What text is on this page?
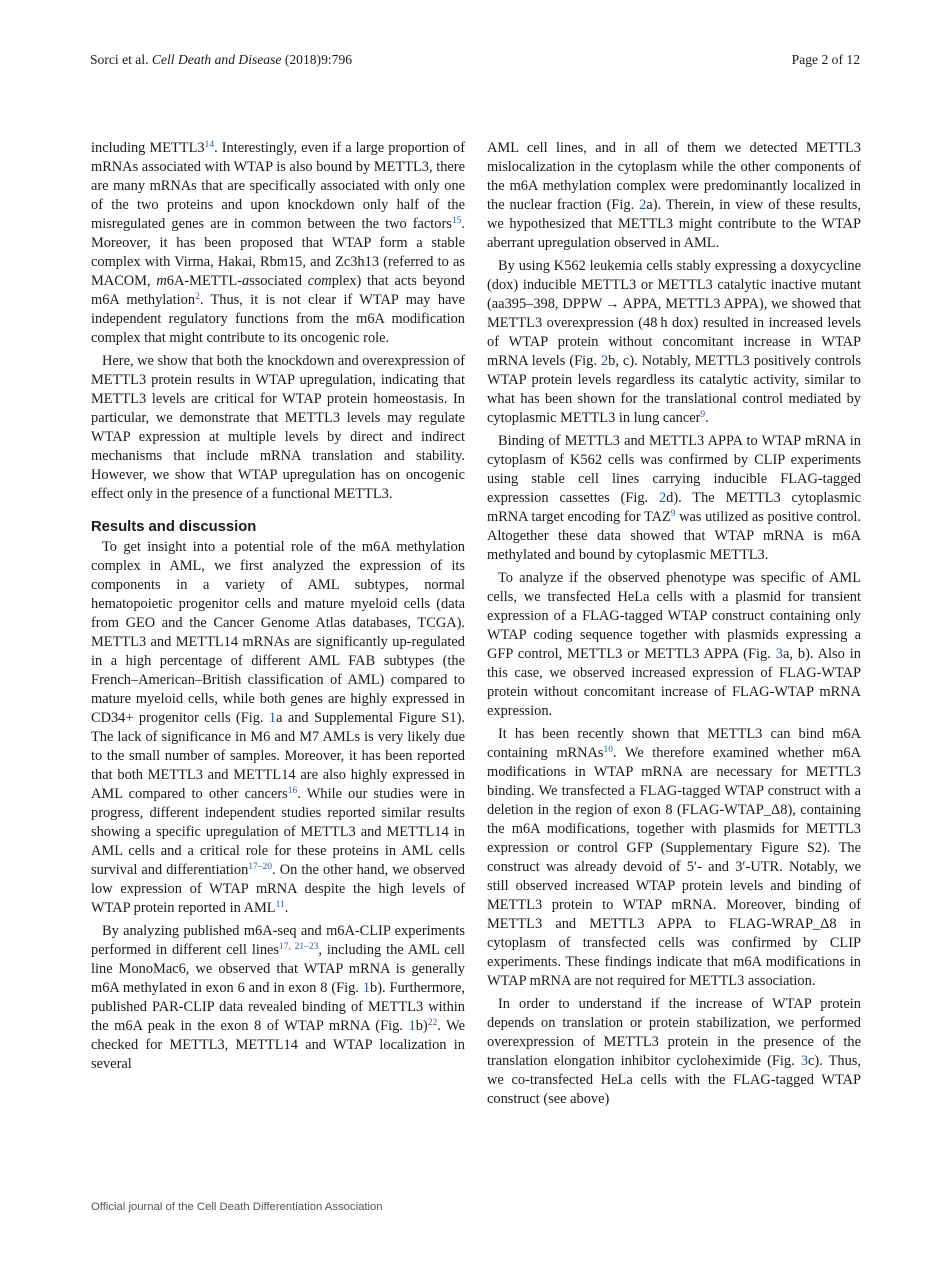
Sorci et al. Cell Death and Disease (2018)9:796	Page 2 of 12

including METTL3$^{14}$. Interestingly, even if a large proportion of mRNAs associated with WTAP is also bound by METTL3, there are many mRNAs that are specifically associated with only one of the two proteins and upon knockdown only half of the misregulated genes are in common between the two factors$^{15}$. Moreover, it has been proposed that WTAP form a stable complex with Virma, Hakai, Rbm15, and Zc3h13 (referred to as MACOM, m6A-METTL-associated complex) that acts beyond m6A methylation$^2$. Thus, it is not clear if WTAP may have independent regulatory functions from the m6A modification complex that might contribute to its oncogenic role.

Here, we show that both the knockdown and overexpression of METTL3 protein results in WTAP upregulation, indicating that METTL3 levels are critical for WTAP protein homeostasis. In particular, we demonstrate that METTL3 levels may regulate WTAP expression at multiple levels by direct and indirect mechanisms that include mRNA translation and stability. However, we show that WTAP upregulation has on oncogenic effect only in the presence of a functional METTL3.

Results and discussion

To get insight into a potential role of the m6A methylation complex in AML, we first analyzed the expression of its components in a variety of AML subtypes, normal hematopoietic progenitor cells and mature myeloid cells (data from GEO and the Cancer Genome Atlas databases, TCGA). METTL3 and METTL14 mRNAs are significantly up-regulated in a high percentage of different AML FAB subtypes (the French–American–British classification of AML) compared to mature myeloid cells, while both genes are highly expressed in CD34+ progenitor cells (Fig. 1a and Supplemental Figure S1). The lack of significance in M6 and M7 AMLs is very likely due to the small number of samples. Moreover, it has been reported that both METTL3 and METTL14 are also highly expressed in AML compared to other cancers$^{16}$. While our studies were in progress, different independent studies reported similar results showing a specific upregulation of METTL3 and METTL14 in AML cells and a critical role for these proteins in AML cells survival and differentiation$^{17-20}$. On the other hand, we observed low expression of WTAP mRNA despite the high levels of WTAP protein reported in AML$^{11}$.

By analyzing published m6A-seq and m6A-CLIP experiments performed in different cell lines$^{17, 21-23}$, including the AML cell line MonoMac6, we observed that WTAP mRNA is generally m6A methylated in exon 6 and in exon 8 (Fig. 1b). Furthermore, published PAR-CLIP data revealed binding of METTL3 within the m6A peak in the exon 8 of WTAP mRNA (Fig. 1b)$^{22}$. We checked for METTL3, METTL14 and WTAP localization in several

AML cell lines, and in all of them we detected METTL3 mislocalization in the cytoplasm while the other components of the m6A methylation complex were predominantly localized in the nuclear fraction (Fig. 2a). Therein, in view of these results, we hypothesized that METTL3 might contribute to the WTAP aberrant upregulation observed in AML.

By using K562 leukemia cells stably expressing a doxycycline (dox) inducible METTL3 or METTL3 catalytic inactive mutant (aa395–398, DPPW → APPA, METTL3 APPA), we showed that METTL3 overexpression (48 h dox) resulted in increased levels of WTAP protein without concomitant increase in WTAP mRNA levels (Fig. 2b, c). Notably, METTL3 positively controls WTAP protein levels regardless its catalytic activity, similar to what has been shown for the translational control mediated by cytoplasmic METTL3 in lung cancer$^9$.

Binding of METTL3 and METTL3 APPA to WTAP mRNA in cytoplasm of K562 cells was confirmed by CLIP experiments using stable cell lines carrying inducible FLAG-tagged expression cassettes (Fig. 2d). The METTL3 cytoplasmic mRNA target encoding for TAZ$^9$ was utilized as positive control. Altogether these data showed that WTAP mRNA is m6A methylated and bound by cytoplasmic METTL3.

To analyze if the observed phenotype was specific of AML cells, we transfected HeLa cells with a plasmid for transient expression of a FLAG-tagged WTAP construct containing only WTAP coding sequence together with plasmids expressing a GFP control, METTL3 or METTL3 APPA (Fig. 3a, b). Also in this case, we observed increased expression of FLAG-WTAP protein without concomitant increase of FLAG-WTAP mRNA expression.

It has been recently shown that METTL3 can bind m6A containing mRNAs$^{10}$. We therefore examined whether m6A modifications in WTAP mRNA are necessary for METTL3 binding. We transfected a FLAG-tagged WTAP construct with a deletion in the region of exon 8 (FLAG-WTAP_Δ8), containing the m6A modifications, together with plasmids for METTL3 expression or control GFP (Supplementary Figure S2). The construct was already devoid of 5′- and 3′-UTR. Notably, we still observed increased WTAP protein levels and binding of METTL3 protein to WTAP mRNA. Moreover, binding of METTL3 and METTL3 APPA to FLAG-WRAP_Δ8 in cytoplasm of transfected cells was confirmed by CLIP experiments. These findings indicate that m6A modifications in WTAP mRNA are not required for METTL3 association.

In order to understand if the increase of WTAP protein depends on translation or protein stabilization, we performed overexpression of METTL3 protein in the presence of the translation elongation inhibitor cycloheximide (Fig. 3c). Thus, we co-transfected HeLa cells with the FLAG-tagged WTAP construct (see above)

Official journal of the Cell Death Differentiation Association
